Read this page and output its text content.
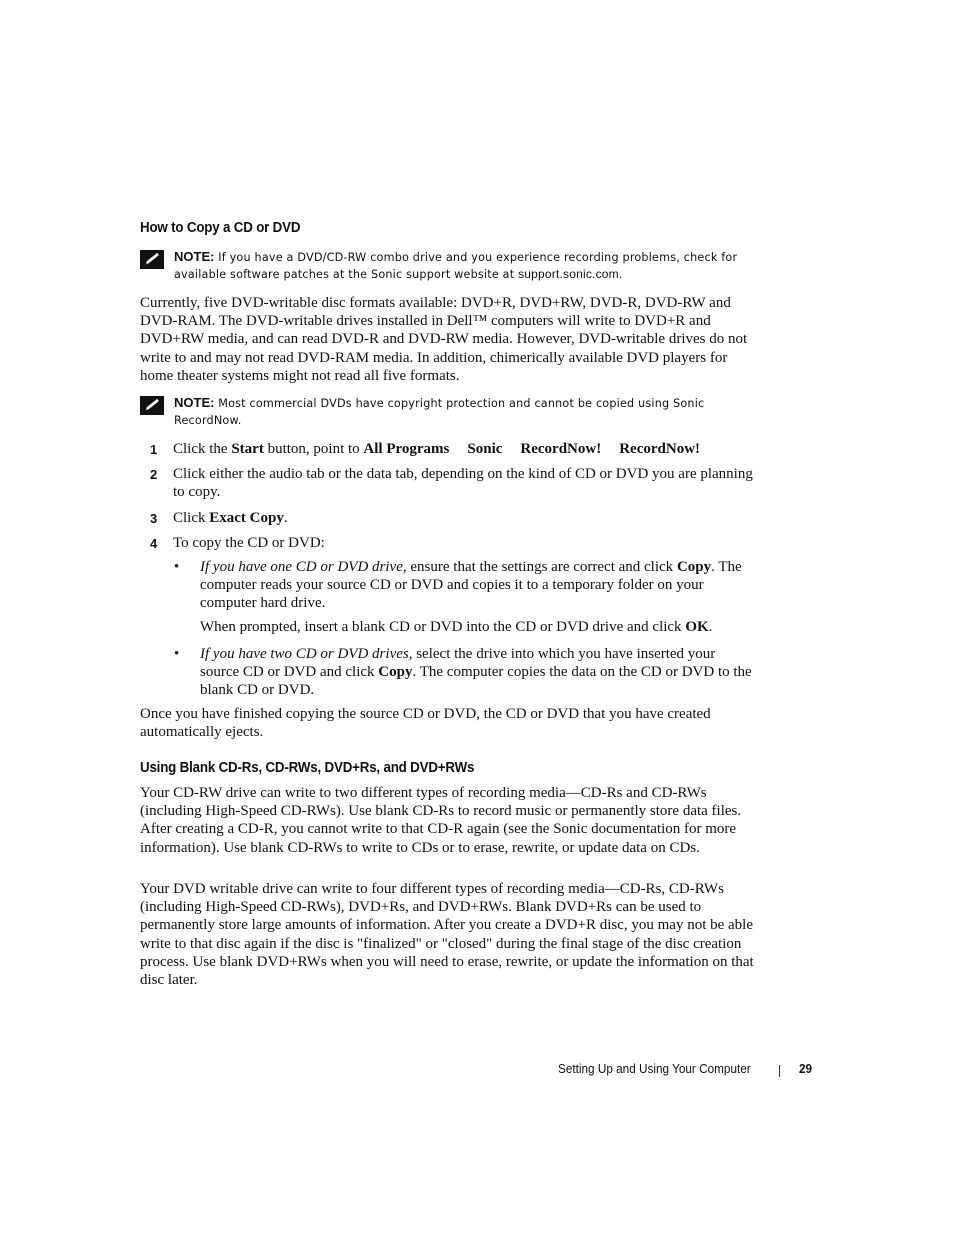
How to Copy a CD or DVD
NOTE: If you have a DVD/CD-RW combo drive and you experience recording problems, check for available software patches at the Sonic support website at support.sonic.com.

Currently, five DVD-writable disc formats available: DVD+R, DVD+RW, DVD-R, DVD-RW and DVD-RAM. The DVD-writable drives installed in Dell™ computers will write to DVD+R and DVD+RW media, and can read DVD-R and DVD-RW media. However, DVD-writable drives do not write to and may not read DVD-RAM media. In addition, chimerically available DVD players for home theater systems might not read all five formats.

NOTE: Most commercial DVDs have copyright protection and cannot be copied using Sonic RecordNow.
1 Click the Start button, point to All Programs Sonic RecordNow! RecordNow!
2 Click either the audio tab or the data tab, depending on the kind of CD or DVD you are planning to copy.
3 Click Exact Copy.
4 To copy the CD or DVD:
• If you have one CD or DVD drive, ensure that the settings are correct and click Copy. The computer reads your source CD or DVD and copies it to a temporary folder on your computer hard drive.
When prompted, insert a blank CD or DVD into the CD or DVD drive and click OK.
• If you have two CD or DVD drives, select the drive into which you have inserted your source CD or DVD and click Copy. The computer copies the data on the CD or DVD to the blank CD or DVD.

Once you have finished copying the source CD or DVD, the CD or DVD that you have created automatically ejects.

Using Blank CD-Rs, CD-RWs, DVD+Rs, and DVD+RWs

Your CD-RW drive can write to two different types of recording media—CD-Rs and CD-RWs (including High-Speed CD-RWs). Use blank CD-Rs to record music or permanently store data files. After creating a CD-R, you cannot write to that CD-R again (see the Sonic documentation for more information). Use blank CD-RWs to write to CDs or to erase, rewrite, or update data on CDs.

Your DVD writable drive can write to four different types of recording media—CD-Rs, CD-RWs (including High-Speed CD-RWs), DVD+Rs, and DVD+RWs. Blank DVD+Rs can be used to permanently store large amounts of information. After you create a DVD+R disc, you may not be able write to that disc again if the disc is "finalized" or "closed" during the final stage of the disc creation process. Use blank DVD+RWs when you will need to erase, rewrite, or update the information on that disc later.

Setting Up and Using Your Computer	29
